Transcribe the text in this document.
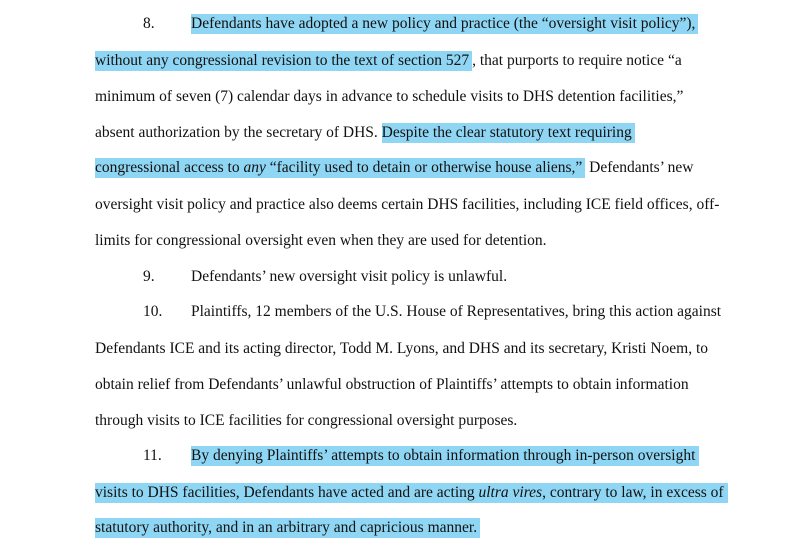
8. Defendants have adopted a new policy and practice (the “oversight visit policy”),
without any congressional revision to the text of section 527 , that purports to require notice “a
minimum of seven (7) calendar days in advance to schedule visits to DHS detention facilities,”
absent authorization by the secretary of DHS. Despite the clear statutory text requiring
congressional access to any “facility used to detain or otherwise house aliens,” Defendants’ new
oversight visit policy and practice also deems certain DHS facilities, including ICE field offices, off-
limits for congressional oversight even when they are used for detention.
9. Defendants’ new oversight visit policy is unlawful.
10. Plaintiffs, 12 members of the U.S. House of Representatives, bring this action against
Defendants ICE and its acting director, Todd M. Lyons, and DHS and its secretary, Kristi Noem, to
obtain relief from Defendants’ unlawful obstruction of Plaintiffs’ attempts to obtain information
through visits to ICE facilities for congressional oversight purposes.
11. By denying Plaintiffs’ attempts to obtain information through in-person oversight
visits to DHS facilities, Defendants have acted and are acting ultra vires, contrary to law, in excess of
statutory authority, and in an arbitrary and capricious manner.
